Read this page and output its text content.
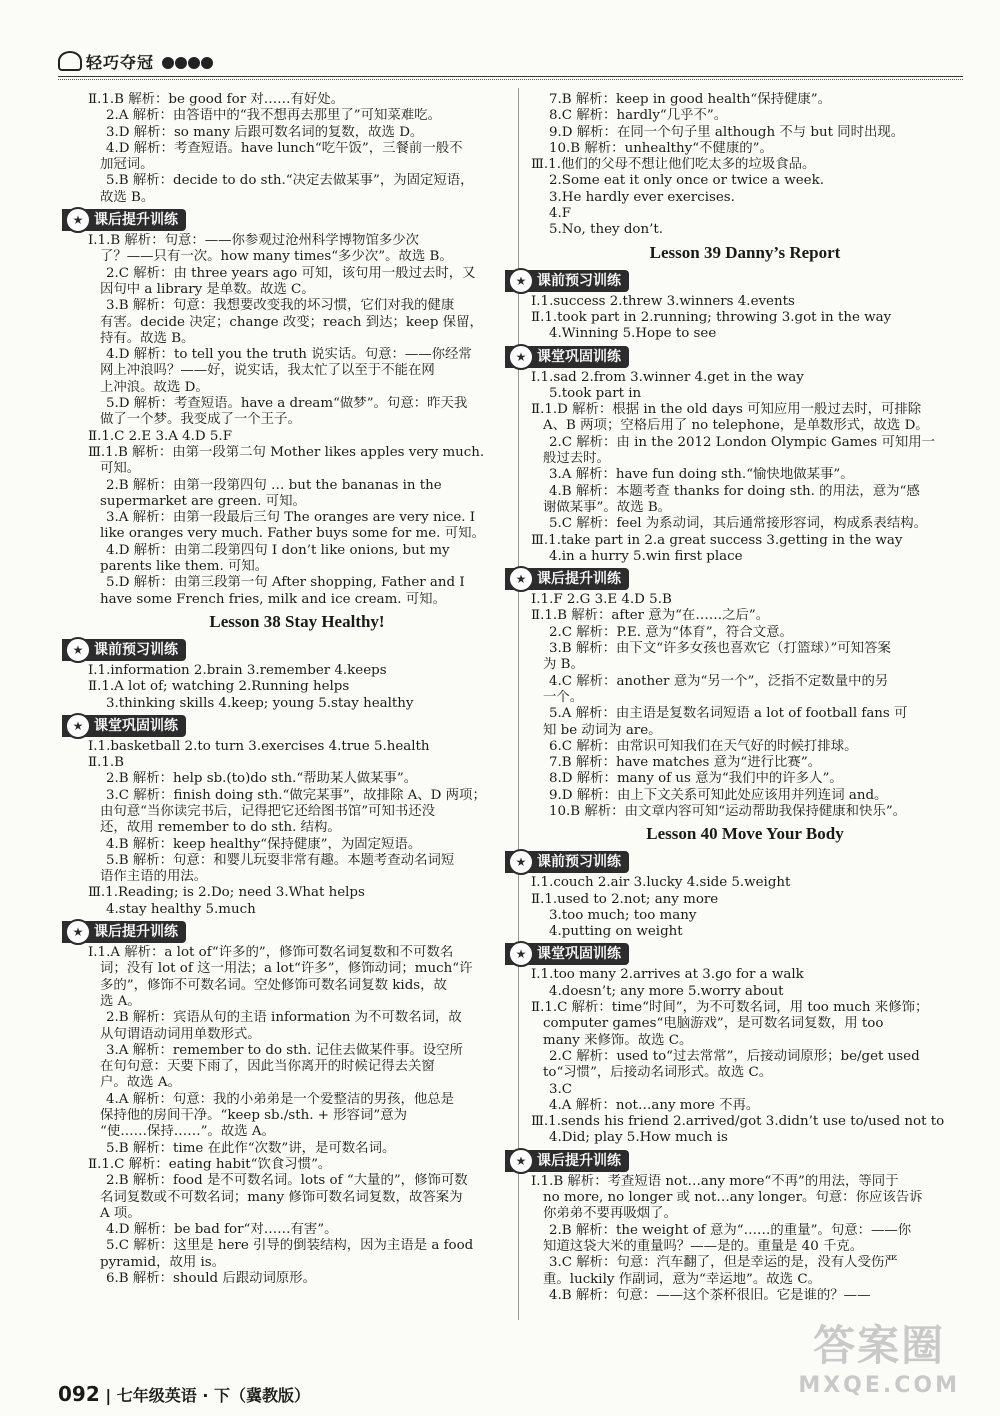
轻巧夺冠
Ⅱ.1.B 解析：be good for 对……有好处。
2.A 解析：由答语中的“我不想再去那里了”可知菜难吃。
3.D 解析：so many 后跟可数名词的复数，故选 D。
4.D 解析：考查短语。have lunch“吃午饭”，三餐前一般不
加冠词。
5.B 解析：decide to do sth.“决定去做某事”，为固定短语，
故选 B。
★ 课后提升训练
Ⅰ.1.B 解析：句意：——你参观过沧州科学博物馆多少次
了？——只有一次。how many times“多少次”。故选 B。
2.C 解析：由 three years ago 可知，该句用一般过去时，又
因句中 a library 是单数。故选 C。
3.B 解析：句意：我想要改变我的坏习惯，它们对我的健康
有害。decide 决定；change 改变；reach 到达；keep 保留，
持有。故选 B。
4.D 解析：to tell you the truth 说实话。句意：——你经常
网上冲浪吗？——好，说实话，我太忙了以至于不能在网
上冲浪。故选 D。
5.D 解析：考查短语。have a dream“做梦”。句意：昨天我
做了一个梦。我变成了一个王子。
Ⅱ.1.C 2.E 3.A 4.D 5.F
Ⅲ.1.B 解析：由第一段第二句 Mother likes apples very much.
可知。
2.B 解析：由第一段第四句 … but the bananas in the
supermarket are green. 可知。
3.A 解析：由第一段最后三句 The oranges are very nice. I
like oranges very much. Father buys some for me. 可知。
4.D 解析：由第二段第四句 I don’t like onions, but my
parents like them. 可知。
5.D 解析：由第三段第一句 After shopping, Father and I
have some French fries, milk and ice cream. 可知。
Lesson 38 Stay Healthy!
★ 课前预习训练
Ⅰ.1.information 2.brain 3.remember 4.keeps
Ⅱ.1.A lot of; watching 2.Running helps
3.thinking skills 4.keep; young 5.stay healthy
★ 课堂巩固训练
Ⅰ.1.basketball 2.to turn 3.exercises 4.true 5.health
Ⅱ.1.B
2.B 解析：help sb.(to)do sth.“帮助某人做某事”。
3.C 解析：finish doing sth.“做完某事”，故排除 A、D 两项；
由句意“当你读完书后，记得把它还给图书馆”可知书还没
还，故用 remember to do sth. 结构。
4.B 解析：keep healthy“保持健康”，为固定短语。
5.B 解析：句意：和婴儿玩耍非常有趣。本题考查动名词短
语作主语的用法。
Ⅲ.1.Reading; is 2.Do; need 3.What helps
4.stay healthy 5.much
★ 课后提升训练
Ⅰ.1.A 解析：a lot of“许多的”，修饰可数名词复数和不可数名
词；没有 lot of 这一用法；a lot“许多”，修饰动词；much“许
多的”，修饰不可数名词。空处修饰可数名词复数 kids，故
选 A。
2.B 解析：宾语从句的主语 information 为不可数名词，故
从句谓语动词用单数形式。
3.A 解析：remember to do sth. 记住去做某件事。设空所
在句句意：天要下雨了，因此当你离开的时候记得去关窗
户。故选 A。
4.A 解析：句意：我的小弟弟是一个爱整洁的男孩，他总是
保持他的房间干净。“keep sb./sth. + 形容词”意为
“使……保持……”。故选 A。
5.B 解析：time 在此作“次数”讲，是可数名词。
Ⅱ.1.C 解析：eating habit“饮食习惯”。
2.B 解析：food 是不可数名词。lots of “大量的”，修饰可数
名词复数或不可数名词；many 修饰可数名词复数，故答案为
A 项。
4.D 解析：be bad for“对……有害”。
5.C 解析：这里是 here 引导的倒装结构，因为主语是 a food
pyramid，故用 is。
6.B 解析：should 后跟动词原形。
7.B 解析：keep in good health“保持健康”。
8.C 解析：hardly“几乎不”。
9.D 解析：在同一个句子里 although 不与 but 同时出现。
10.B 解析：unhealthy“不健康的”。
Ⅲ.1.他们的父母不想让他们吃太多的垃圾食品。
2.Some eat it only once or twice a week.
3.He hardly ever exercises.
4.F
5.No, they don’t.
Lesson 39 Danny’s Report
★ 课前预习训练
Ⅰ.1.success 2.threw 3.winners 4.events
Ⅱ.1.took part in 2.running; throwing 3.got in the way
4.Winning 5.Hope to see
★ 课堂巩固训练
Ⅰ.1.sad 2.from 3.winner 4.get in the way
5.took part in
Ⅱ.1.D 解析：根据 in the old days 可知应用一般过去时，可排除
A、B 两项；空格后用了 no telephone，是单数形式，故选 D。
2.C 解析：由 in the 2012 London Olympic Games 可知用一
般过去时。
3.A 解析：have fun doing sth.“愉快地做某事”。
4.B 解析：本题考查 thanks for doing sth. 的用法，意为“感
谢做某事”。故选 B。
5.C 解析：feel 为系动词，其后通常接形容词，构成系表结构。
Ⅲ.1.take part in 2.a great success 3.getting in the way
4.in a hurry 5.win first place
★ 课后提升训练
Ⅰ.1.F 2.G 3.E 4.D 5.B
Ⅱ.1.B 解析：after 意为“在……之后”。
2.C 解析：P.E. 意为“体育”，符合文意。
3.B 解析：由下文“许多女孩也喜欢它（打篮球）”可知答案
为 B。
4.C 解析：another 意为“另一个”，泛指不定数量中的另
一个。
5.A 解析：由主语是复数名词短语 a lot of football fans 可
知 be 动词为 are。
6.C 解析：由常识可知我们在天气好的时候打排球。
7.B 解析：have matches 意为“进行比赛”。
8.D 解析：many of us 意为“我们中的许多人”。
9.D 解析：由上下文关系可知此处应该用并列连词 and。
10.B 解析：由文章内容可知“运动帮助我保持健康和快乐”。
Lesson 40 Move Your Body
★ 课前预习训练
Ⅰ.1.couch 2.air 3.lucky 4.side 5.weight
Ⅱ.1.used to 2.not; any more
3.too much; too many
4.putting on weight
★ 课堂巩固训练
Ⅰ.1.too many 2.arrives at 3.go for a walk
4.doesn’t; any more 5.worry about
Ⅱ.1.C 解析：time“时间”，为不可数名词，用 too much 来修饰；
computer games“电脑游戏”，是可数名词复数，用 too
many 来修饰。故选 C。
2.C 解析：used to“过去常常”，后接动词原形；be/get used
to“习惯”，后接动名词形式。故选 C。
3.C
4.A 解析：not…any more 不再。
Ⅲ.1.sends his friend 2.arrived/got 3.didn’t use to/used not to
4.Did; play 5.How much is
★ 课后提升训练
Ⅰ.1.B 解析：考查短语 not…any more“不再”的用法，等同于
no more, no longer 或 not…any longer。句意：你应该告诉
你弟弟不要再吸烟了。
2.B 解析：the weight of 意为“……的重量”。句意：——你
知道这袋大米的重量吗？——是的。重量是 40 千克。
3.C 解析：句意：汽车翻了，但是幸运的是，没有人受伤严
重。luckily 作副词，意为“幸运地”。故选 C。
4.B 解析：句意：——这个茶杯很旧。它是谁的？——
092 | 七年级英语 · 下（冀教版）
答案圈
MXQE.COM
